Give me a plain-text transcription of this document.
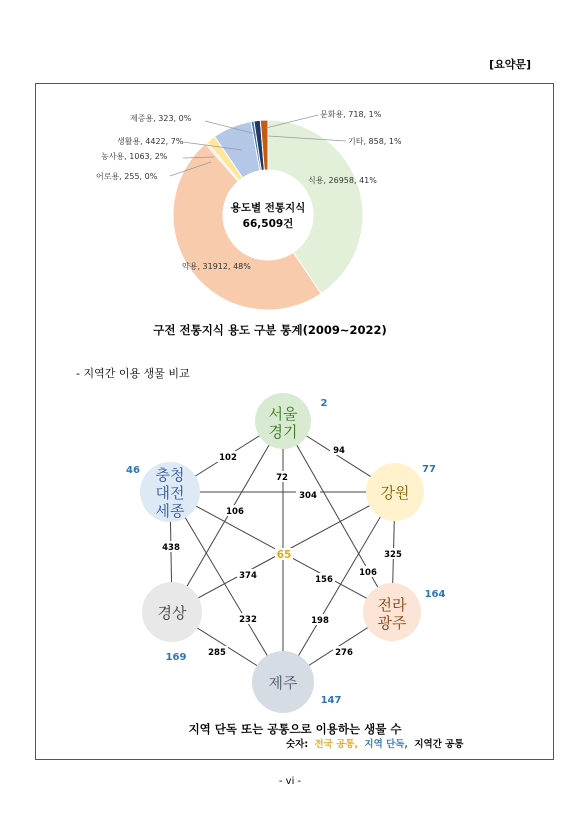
[요약문]
제증용, 323, 0%
생활용, 4422, 7%
농사용, 1063, 2%
어로용, 255, 0%
문화용, 718, 1%
기타, 858, 1%
식용, 26958, 41%
약용, 31912, 48%
용도별 전통지식
66,509건
서울
경기
강원
전라
광주
제주
경상
충청
대전
세종
2
77
164
147
169
46
102
94
72
304
106
438
374	156
106
325
232	198
285	276
65
구전 전통지식 용도 구분 통계(2009~2022)
- 지역간 이용 생물 비교
지역 단독 또는 공통으로 이용하는 생물 수
숫자: 전국 공통, 지역 단독, 지역간 공통
- vi -
